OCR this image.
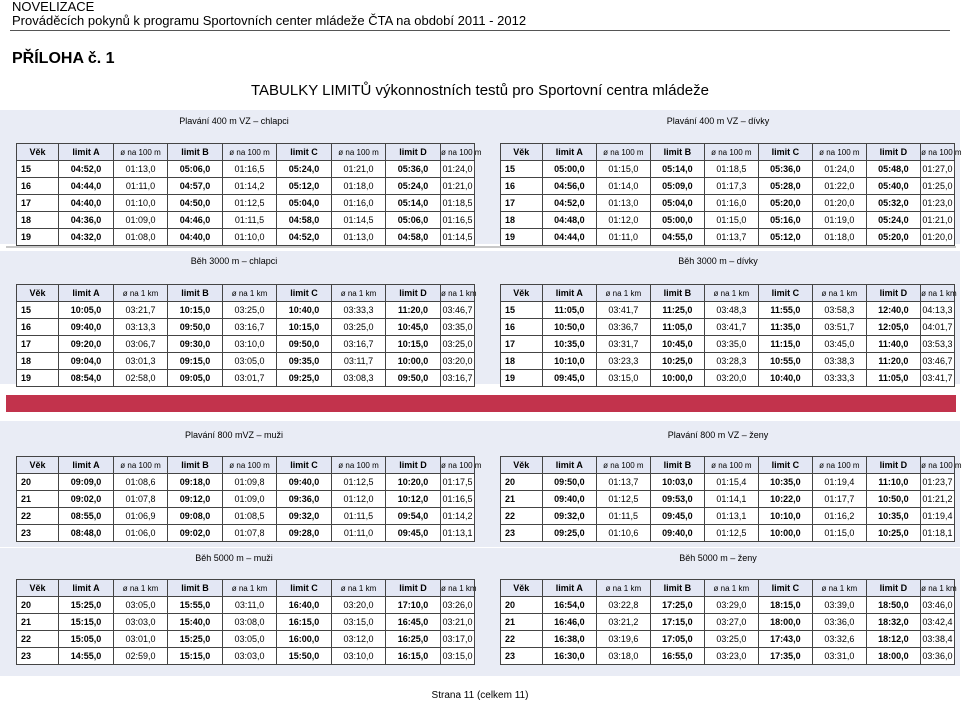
NOVELIZACE
Prováděcích pokynů k programu Sportovních center mládeže ČTA na období 2011 - 2012
PŘÍLOHA č. 1
TABULKY LIMITŮ výkonnostních testů pro Sportovní centra mládeže
Plavání 400 m VZ – chlapci	Plavání 400 m VZ – dívky
Věk	limit A	ø na 100 m	limit B	ø na 100 m	limit C	ø na 100 m	limit D	ø na 100 m
15	04:52,0	01:13,0	05:06,0	01:16,5	05:24,0	01:21,0	05:36,0	01:24,0
16	04:44,0	01:11,0	04:57,0	01:14,2	05:12,0	01:18,0	05:24,0	01:21,0
17	04:40,0	01:10,0	04:50,0	01:12,5	05:04,0	01:16,0	05:14,0	01:18,5
18	04:36,0	01:09,0	04:46,0	01:11,5	04:58,0	01:14,5	05:06,0	01:16,5
19	04:32,0	01:08,0	04:40,0	01:10,0	04:52,0	01:13,0	04:58,0	01:14,5
Věk	limit A	ø na 100 m	limit B	ø na 100 m	limit C	ø na 100 m	limit D	ø na 100 m
15	05:00,0	01:15,0	05:14,0	01:18,5	05:36,0	01:24,0	05:48,0	01:27,0
16	04:56,0	01:14,0	05:09,0	01:17,3	05:28,0	01:22,0	05:40,0	01:25,0
17	04:52,0	01:13,0	05:04,0	01:16,0	05:20,0	01:20,0	05:32,0	01:23,0
18	04:48,0	01:12,0	05:00,0	01:15,0	05:16,0	01:19,0	05:24,0	01:21,0
19	04:44,0	01:11,0	04:55,0	01:13,7	05:12,0	01:18,0	05:20,0	01:20,0
Běh 3000 m – chlapci	Běh 3000 m – dívky
Věk	limit A	ø na 1 km	limit B	ø na 1 km	limit C	ø na 1 km	limit D	ø na 1 km
15	10:05,0	03:21,7	10:15,0	03:25,0	10:40,0	03:33,3	11:20,0	03:46,7
16	09:40,0	03:13,3	09:50,0	03:16,7	10:15,0	03:25,0	10:45,0	03:35,0
17	09:20,0	03:06,7	09:30,0	03:10,0	09:50,0	03:16,7	10:15,0	03:25,0
18	09:04,0	03:01,3	09:15,0	03:05,0	09:35,0	03:11,7	10:00,0	03:20,0
19	08:54,0	02:58,0	09:05,0	03:01,7	09:25,0	03:08,3	09:50,0	03:16,7
Věk	limit A	ø na 1 km	limit B	ø na 1 km	limit C	ø na 1 km	limit D	ø na 1 km
15	11:05,0	03:41,7	11:25,0	03:48,3	11:55,0	03:58,3	12:40,0	04:13,3
16	10:50,0	03:36,7	11:05,0	03:41,7	11:35,0	03:51,7	12:05,0	04:01,7
17	10:35,0	03:31,7	10:45,0	03:35,0	11:15,0	03:45,0	11:40,0	03:53,3
18	10:10,0	03:23,3	10:25,0	03:28,3	10:55,0	03:38,3	11:20,0	03:46,7
19	09:45,0	03:15,0	10:00,0	03:20,0	10:40,0	03:33,3	11:05,0	03:41,7
Plavání 800 mVZ – muži	Plavání 800 m VZ – ženy
Věk	limit A	ø na 100 m	limit B	ø na 100 m	limit C	ø na 100 m	limit D	ø na 100 m
20	09:09,0	01:08,6	09:18,0	01:09,8	09:40,0	01:12,5	10:20,0	01:17,5
21	09:02,0	01:07,8	09:12,0	01:09,0	09:36,0	01:12,0	10:12,0	01:16,5
22	08:55,0	01:06,9	09:08,0	01:08,5	09:32,0	01:11,5	09:54,0	01:14,2
23	08:48,0	01:06,0	09:02,0	01:07,8	09:28,0	01:11,0	09:45,0	01:13,1
Věk	limit A	ø na 100 m	limit B	ø na 100 m	limit C	ø na 100 m	limit D	ø na 100 m
20	09:50,0	01:13,7	10:03,0	01:15,4	10:35,0	01:19,4	11:10,0	01:23,7
21	09:40,0	01:12,5	09:53,0	01:14,1	10:22,0	01:17,7	10:50,0	01:21,2
22	09:32,0	01:11,5	09:45,0	01:13,1	10:10,0	01:16,2	10:35,0	01:19,4
23	09:25,0	01:10,6	09:40,0	01:12,5	10:00,0	01:15,0	10:25,0	01:18,1
Běh 5000 m – muži	Běh 5000 m – ženy
Věk	limit A	ø na 1 km	limit B	ø na 1 km	limit C	ø na 1 km	limit D	ø na 1 km
20	15:25,0	03:05,0	15:55,0	03:11,0	16:40,0	03:20,0	17:10,0	03:26,0
21	15:15,0	03:03,0	15:40,0	03:08,0	16:15,0	03:15,0	16:45,0	03:21,0
22	15:05,0	03:01,0	15:25,0	03:05,0	16:00,0	03:12,0	16:25,0	03:17,0
23	14:55,0	02:59,0	15:15,0	03:03,0	15:50,0	03:10,0	16:15,0	03:15,0
Věk	limit A	ø na 1 km	limit B	ø na 1 km	limit C	ø na 1 km	limit D	ø na 1 km
20	16:54,0	03:22,8	17:25,0	03:29,0	18:15,0	03:39,0	18:50,0	03:46,0
21	16:46,0	03:21,2	17:15,0	03:27,0	18:00,0	03:36,0	18:32,0	03:42,4
22	16:38,0	03:19,6	17:05,0	03:25,0	17:43,0	03:32,6	18:12,0	03:38,4
23	16:30,0	03:18,0	16:55,0	03:23,0	17:35,0	03:31,0	18:00,0	03:36,0
Strana 11 (celkem 11)
